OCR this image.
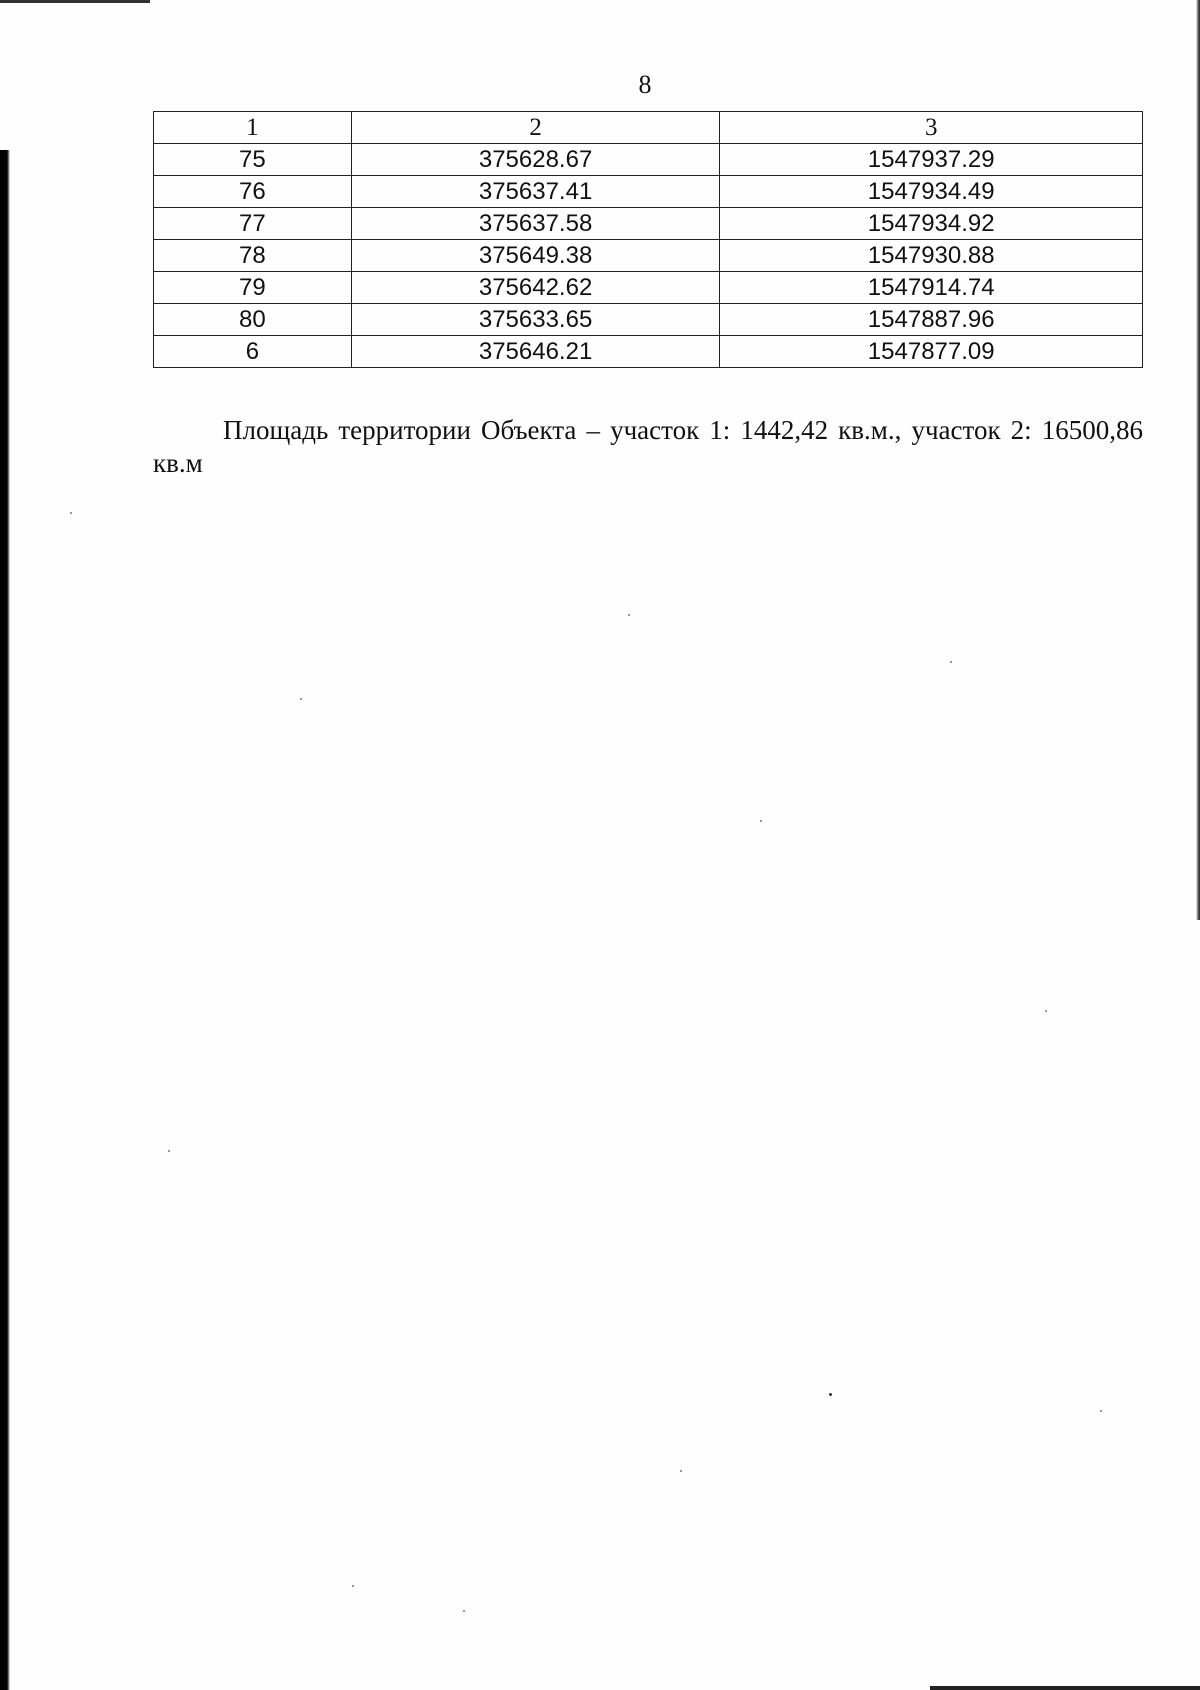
8
1	2	3
75	375628.67	1547937.29
76	375637.41	1547934.49
77	375637.58	1547934.92
78	375649.38	1547930.88
79	375642.62	1547914.74
80	375633.65	1547887.96
6	375646.21	1547877.09

Площадь территории Объекта – участок 1: 1442,42 кв.м., участок 2: 16500,86 кв.м
